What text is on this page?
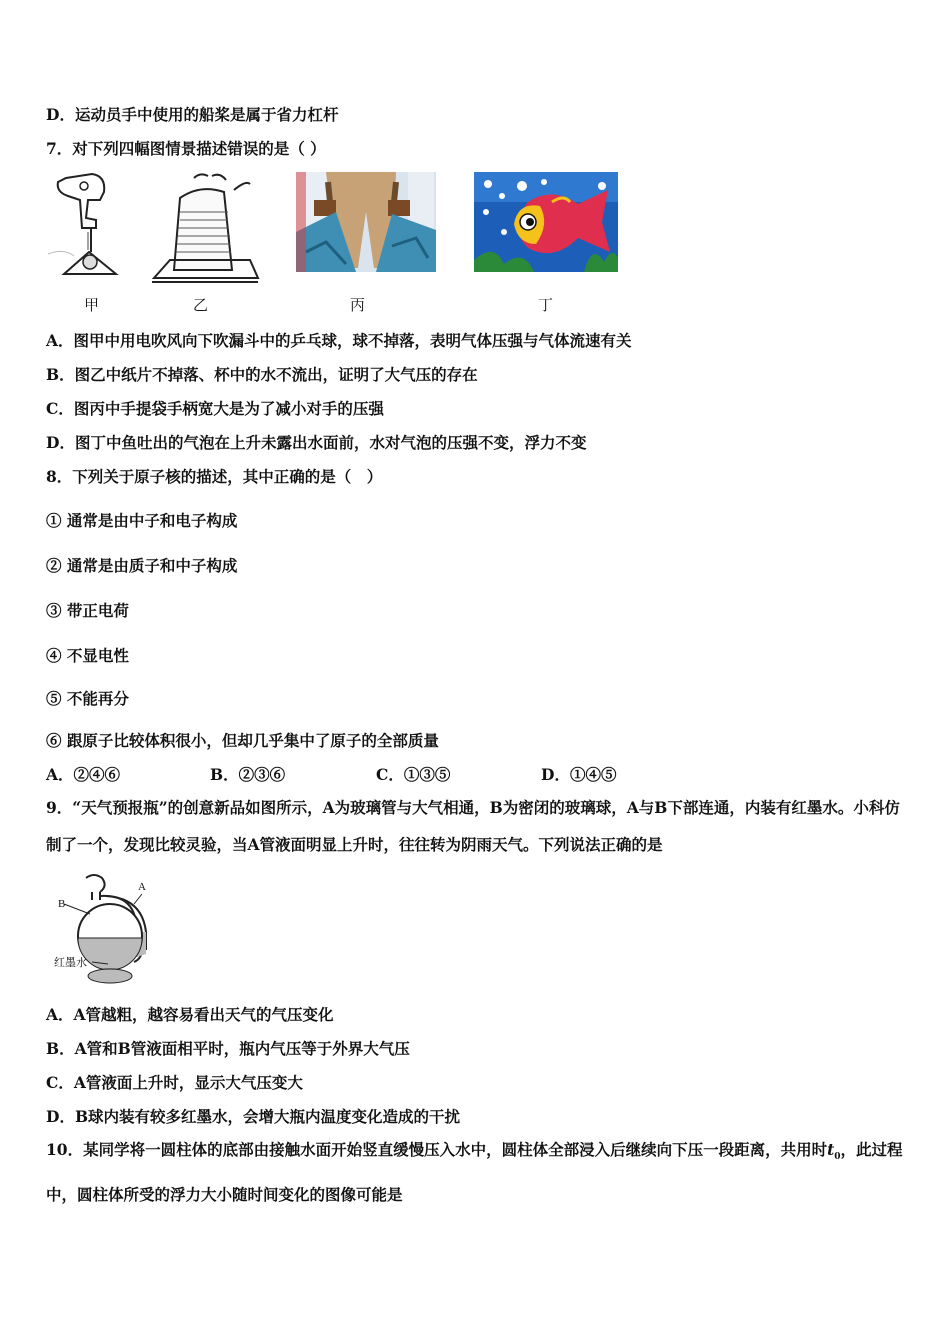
D．运动员手中使用的船桨是属于省力杠杆
7．对下列四幅图情景描述错误的是（ ）
甲	乙	丙	丁
A．图甲中用电吹风向下吹漏斗中的乒乓球，球不掉落，表明气体压强与气体流速有关
B．图乙中纸片不掉落、杯中的水不流出，证明了大气压的存在
C．图丙中手提袋手柄宽大是为了减小对手的压强
D．图丁中鱼吐出的气泡在上升未露出水面前，水对气泡的压强不变，浮力不变
8．下列关于原子核的描述，其中正确的是（　）
① 通常是由中子和电子构成
② 通常是由质子和中子构成
③ 带正电荷
④ 不显电性
⑤ 不能再分
⑥ 跟原子比较体积很小，但却几乎集中了原子的全部质量
A．②④⑥	B．②③⑥	C．①③⑤	D．①④⑤
9．“天气预报瓶”的创意新品如图所示，A为玻璃管与大气相通，B为密闭的玻璃球，A与B下部连通，内装有红墨水。小科仿制了一个，发现比较灵验，当A管液面明显上升时，往往转为阴雨天气。下列说法正确的是
B
A
红墨水
A．A管越粗，越容易看出天气的气压变化
B．A管和B管液面相平时，瓶内气压等于外界大气压
C．A管液面上升时，显示大气压变大
D．B球内装有较多红墨水，会增大瓶内温度变化造成的干扰
10．某同学将一圆柱体的底部由接触水面开始竖直缓慢压入水中，圆柱体全部浸入后继续向下压一段距离，共用时$t_0$，此过程中，圆柱体所受的浮力大小随时间变化的图像可能是
